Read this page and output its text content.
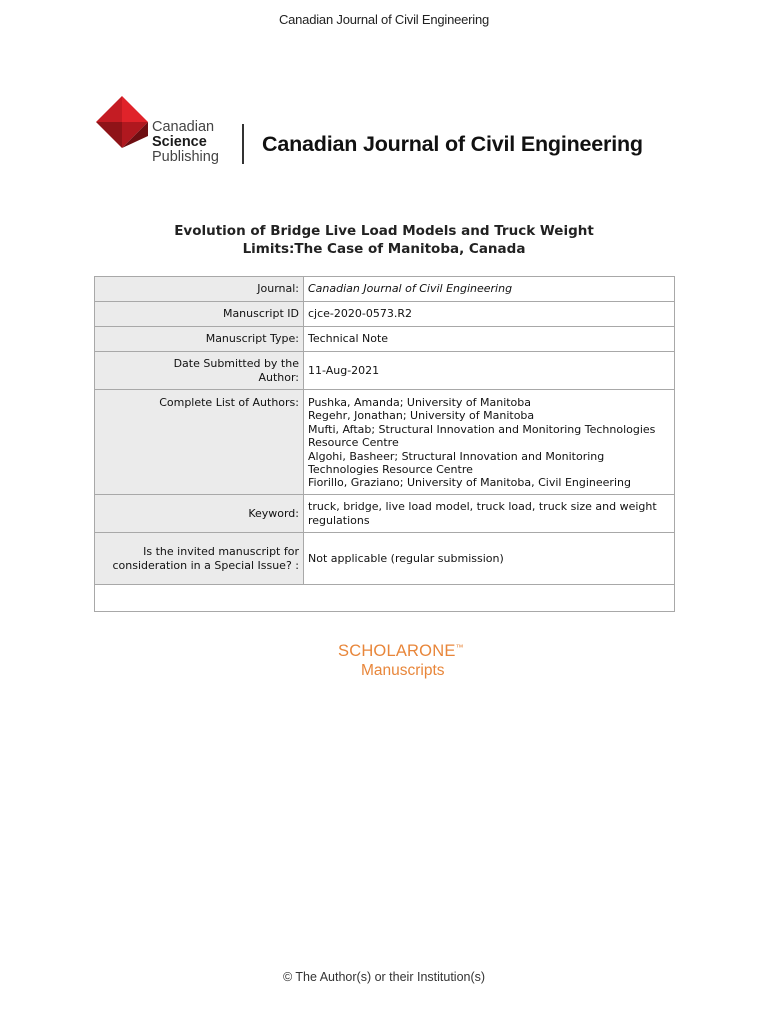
Canadian Journal of Civil Engineering
Canadian
Science
Publishing
Canadian Journal of Civil Engineering
Evolution of Bridge Live Load Models and Truck Weight Limits:The Case of Manitoba, Canada
Journal:	Canadian Journal of Civil Engineering
Manuscript ID	cjce-2020-0573.R2
Manuscript Type:	Technical Note
Date Submitted by the Author:	11-Aug-2021
Complete List of Authors:	Pushka, Amanda; University of Manitoba
Regehr, Jonathan; University of Manitoba
Mufti, Aftab; Structural Innovation and Monitoring Technologies Resource Centre
Algohi, Basheer; Structural Innovation and Monitoring Technologies Resource Centre
Fiorillo, Graziano; University of Manitoba, Civil Engineering

Keyword:	truck, bridge, live load model, truck load, truck size and weight regulations
Is the invited manuscript for consideration in a Special Issue? :	Not applicable (regular submission)

SCHOLARONE™
Manuscripts
© The Author(s) or their Institution(s)
